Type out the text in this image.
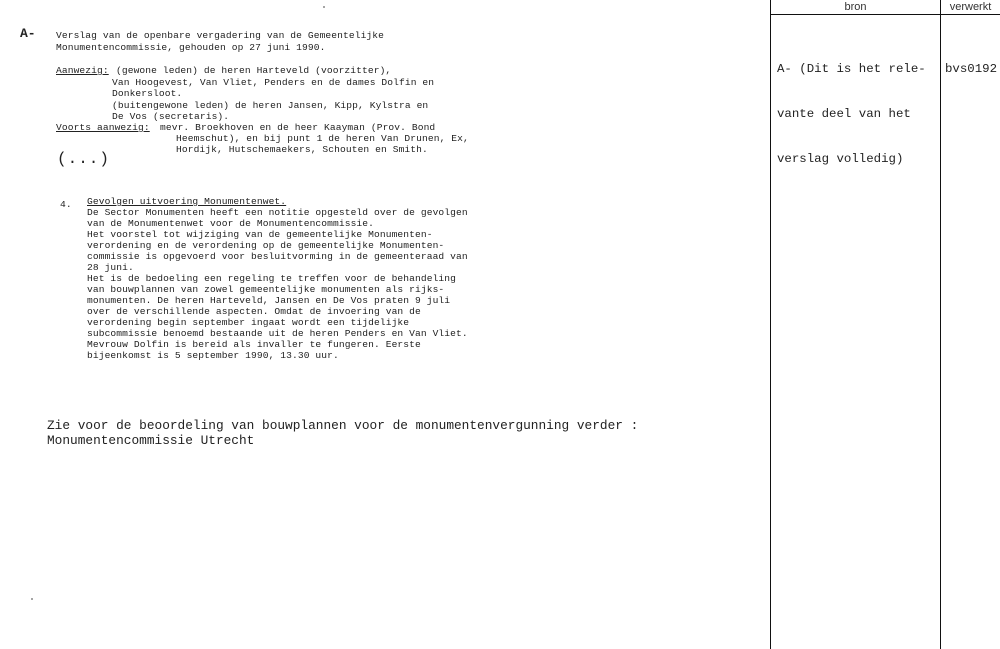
A- Verslag van de openbare vergadering van de Gemeentelijke
Monumentencommissie, gehouden op 27 juni 1990.
Aanwezig: (gewone leden) de heren Harteveld (voorzitter),
Van Hoogevest, Van Vliet, Penders en de dames Dolfin en
Donkersloot.
(buitengewone leden) de heren Jansen, Kipp, Kylstra en
De Vos (secretaris).
Voorts aanwezig: mevr. Broekhoven en de heer Kaayman (Prov. Bond
Heemschut), en bij punt 1 de heren Van Drunen, Ex,
Hordijk, Hutschemaekers, Schouten en Smith.
(...)
4. Gevolgen uitvoering Monumentenwet.
De Sector Monumenten heeft een notitie opgesteld over de gevolgen
van de Monumentenwet voor de Monumentencommissie.
Het voorstel tot wijziging van de gemeentelijke Monumenten-
verordening en de verordening op de gemeentelijke Monumenten-
commissie is opgevoerd voor besluitvorming in de gemeenteraad van
28 juni.
Het is de bedoeling een regeling te treffen voor de behandeling
van bouwplannen van zowel gemeentelijke monumenten als rijks-
monumenten. De heren Harteveld, Jansen en De Vos praten 9 juli
over de verschillende aspecten. Omdat de invoering van de
verordening begin september ingaat wordt een tijdelijke
subcommissie benoemd bestaande uit de heren Penders en Van Vliet.
Mevrouw Dolfin is bereid als invaller te fungeren. Eerste
bijeenkomst is 5 september 1990, 13.30 uur.
Zie voor de beoordeling van bouwplannen voor de monumentenvergunning verder :
Monumentencommissie Utrecht
bron	verwerkt

A- (Dit is het rele-

vante deel van het

verslag volledig)

bvs0192
